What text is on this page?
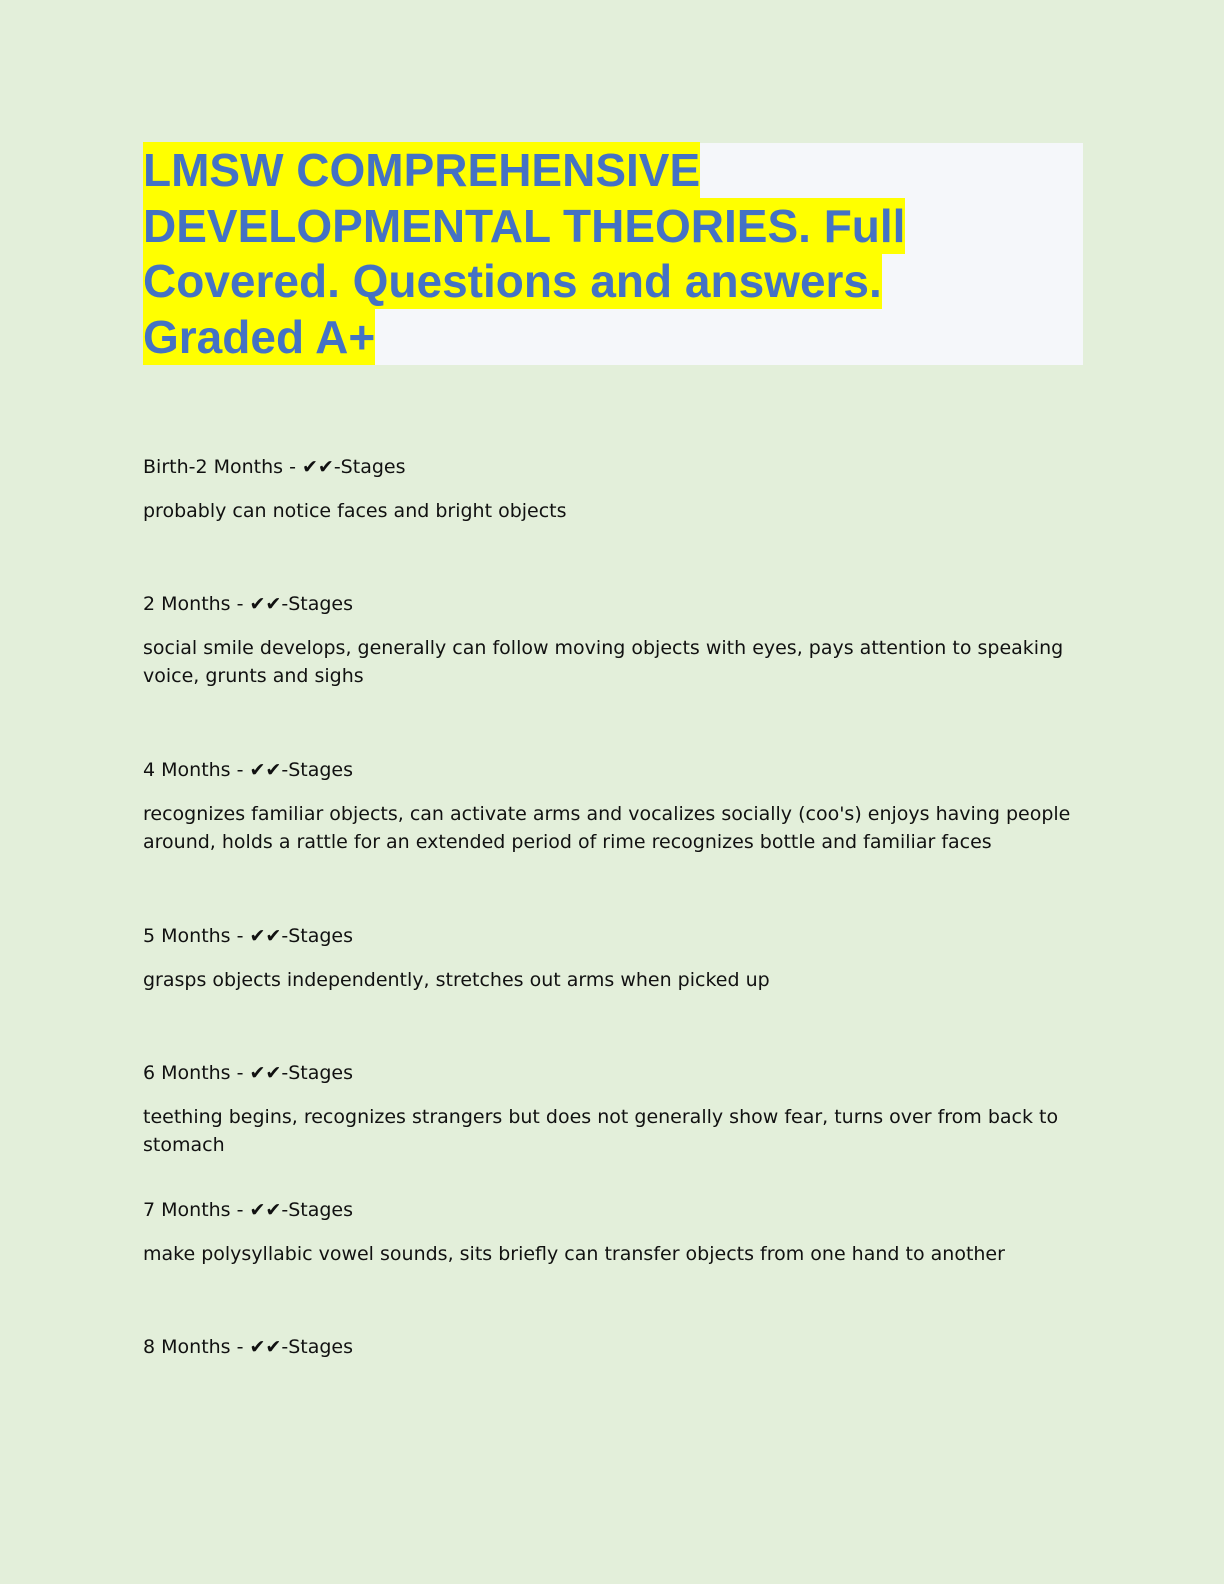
LMSW COMPREHENSIVE
DEVELOPMENTAL THEORIES. Full
Covered. Questions and answers.
Graded A+

Birth-2 Months - ✔✔-Stages

probably can notice faces and bright objects

2 Months - ✔✔-Stages

social smile develops, generally can follow moving objects with eyes, pays attention to speaking voice, grunts and sighs

4 Months - ✔✔-Stages

recognizes familiar objects, can activate arms and vocalizes socially (coo's) enjoys having people around, holds a rattle for an extended period of rime recognizes bottle and familiar faces

5 Months - ✔✔-Stages

grasps objects independently, stretches out arms when picked up

6 Months - ✔✔-Stages

teething begins, recognizes strangers but does not generally show fear, turns over from back to stomach

7 Months - ✔✔-Stages

make polysyllabic vowel sounds, sits briefly can transfer objects from one hand to another

8 Months - ✔✔-Stages
